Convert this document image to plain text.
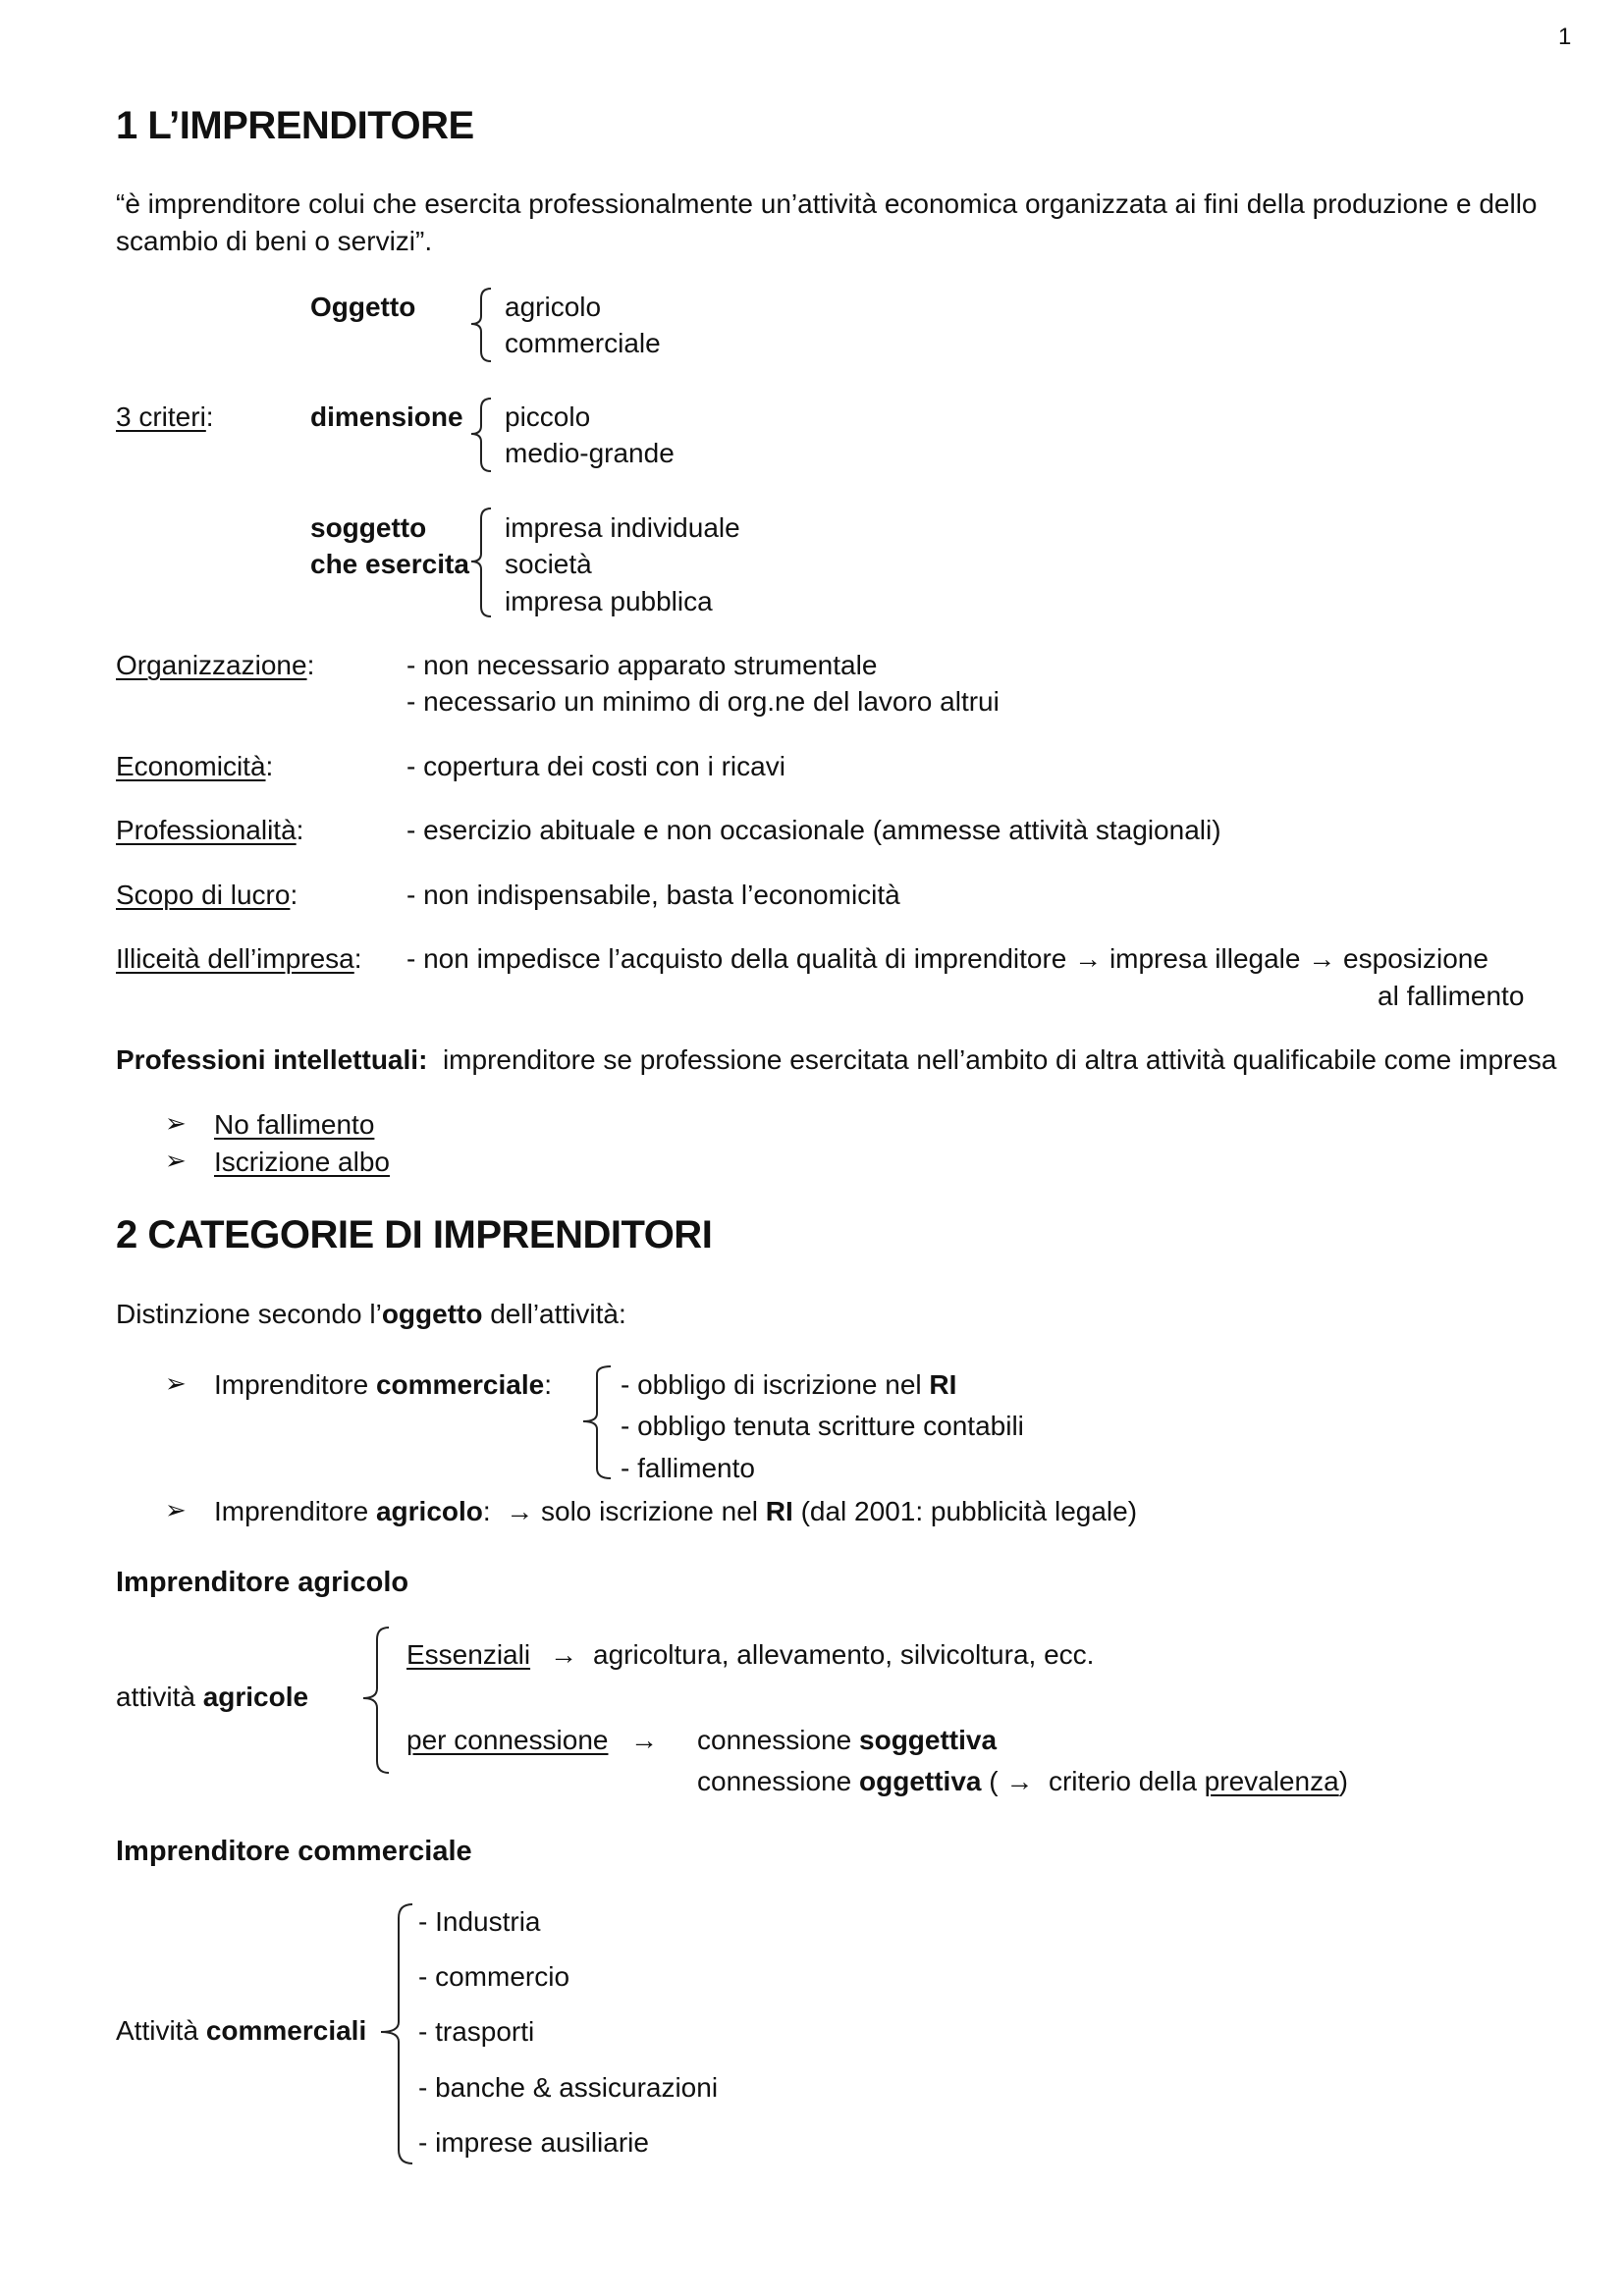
1
1 L’IMPRENDITORE
“è imprenditore colui che esercita professionalmente un’attività economica organizzata ai fini della produzione e dello
scambio di beni o servizi”.
Oggetto	agricolo
commerciale
3 criteri:	dimensione piccolo
medio-grande
soggetto
che esercita
impresa individuale
società
impresa pubblica
Organizzazione:	- non necessario apparato strumentale
- necessario un minimo di org.ne del lavoro altrui
Economicità:	- copertura dei costi con i ricavi
Professionalità:	- esercizio abituale e non occasionale (ammesse attività stagionali)
Scopo di lucro:	- non indispensabile, basta l’economicità
Illiceità dell’impresa: - non impedisce l’acquisto della qualità di imprenditore → impresa illegale → esposizione
al fallimento
Professioni intellettuali: imprenditore se professione esercitata nell’ambito di altra attività qualificabile come impresa
➢ No fallimento
➢ Iscrizione albo
2 CATEGORIE DI IMPRENDITORI
Distinzione secondo l’oggetto dell’attività:
➢ Imprenditore commerciale:	- obbligo di iscrizione nel RI
- obbligo tenuta scritture contabili
- fallimento
➢ Imprenditore agricolo:  → solo iscrizione nel RI (dal 2001: pubblicità legale)
Imprenditore agricolo
attività agricole
Essenziali → agricoltura, allevamento, silvicoltura, ecc.
per connessione → connessione soggettiva
connessione oggettiva ( → criterio della prevalenza)
Imprenditore commerciale
Attività commerciali
- Industria
- commercio
- trasporti
- banche & assicurazioni
- imprese ausiliarie
